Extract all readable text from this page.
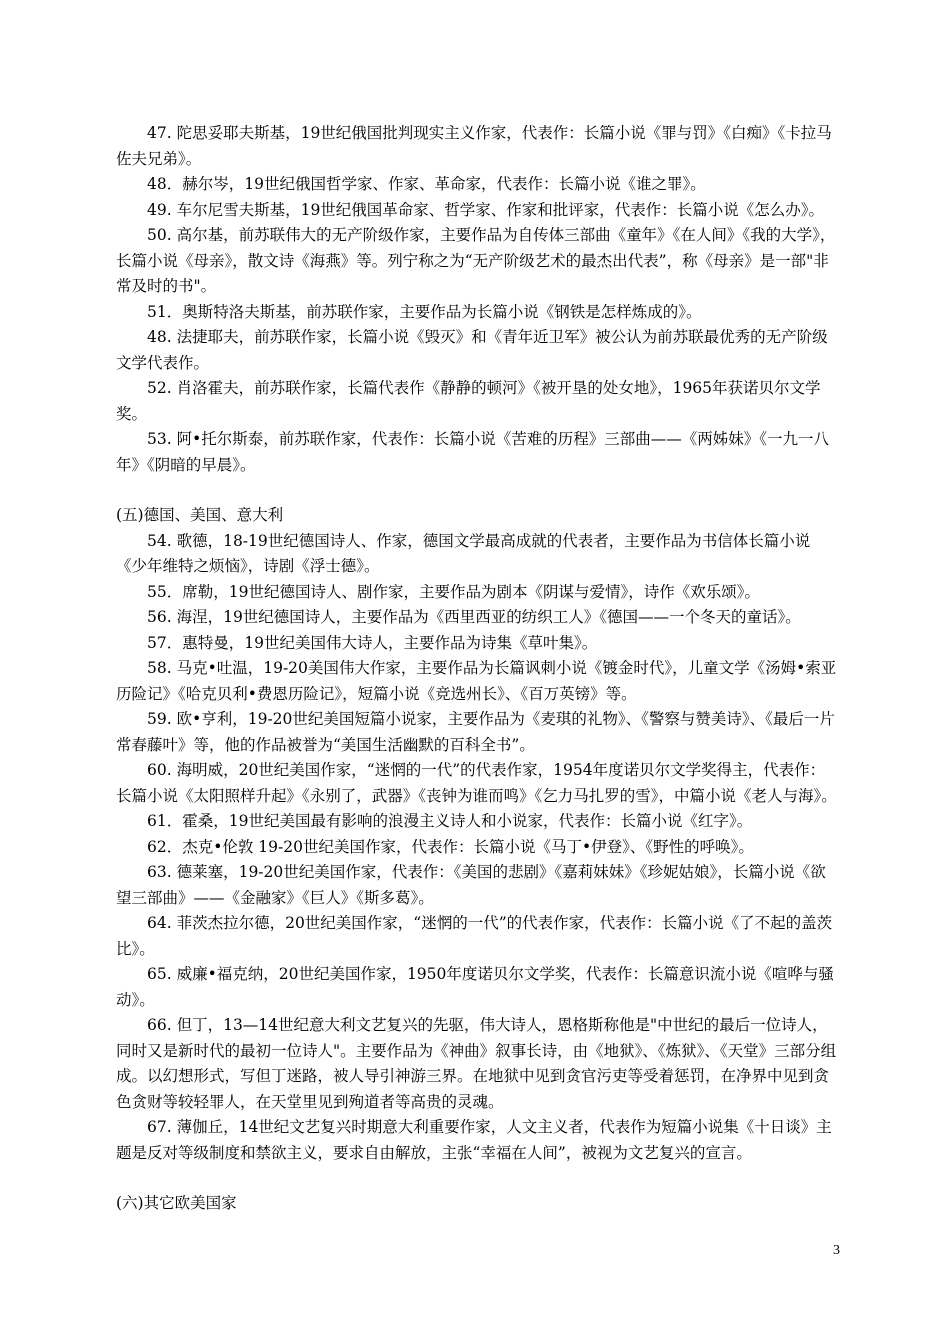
47. 陀思妥耶夫斯基，19世纪俄国批判现实主义作家，代表作：长篇小说《罪与罚》《白痴》《卡拉马佐夫兄弟》。

48．赫尔岑，19世纪俄国哲学家、作家、革命家，代表作：长篇小说《谁之罪》。

49. 车尔尼雪夫斯基，19世纪俄国革命家、哲学家、作家和批评家，代表作：长篇小说《怎么办》。

50. 高尔基，前苏联伟大的无产阶级作家，主要作品为自传体三部曲《童年》《在人间》《我的大学》，长篇小说《母亲》，散文诗《海燕》等。列宁称之为“无产阶级艺术的最杰出代表”，称《母亲》是一部"非常及时的书"。

51．奥斯特洛夫斯基，前苏联作家，主要作品为长篇小说《钢铁是怎样炼成的》。

48. 法捷耶夫，前苏联作家，长篇小说《毁灭》和《青年近卫军》被公认为前苏联最优秀的无产阶级文学代表作。

52. 肖洛霍夫，前苏联作家，长篇代表作《静静的顿河》《被开垦的处女地》，1965年获诺贝尔文学奖。

53. 阿•托尔斯泰，前苏联作家，代表作：长篇小说《苦难的历程》三部曲——《两姊妹》《一九一八年》《阴暗的早晨》。

(五)德国、美国、意大利

54. 歌德，18-19世纪德国诗人、作家，德国文学最高成就的代表者，主要作品为书信体长篇小说《少年维特之烦恼》，诗剧《浮士德》。

55．席勒，19世纪德国诗人、剧作家，主要作品为剧本《阴谋与爱情》，诗作《欢乐颂》。

56. 海涅，19世纪德国诗人，主要作品为《西里西亚的纺织工人》《德国——一个冬天的童话》。

57．惠特曼，19世纪美国伟大诗人，主要作品为诗集《草叶集》。

58. 马克•吐温，19-20美国伟大作家，主要作品为长篇讽刺小说《镀金时代》，儿童文学《汤姆•索亚历险记》《哈克贝利•费恩历险记》，短篇小说《竞选州长》、《百万英镑》等。

59. 欧•亨利，19-20世纪美国短篇小说家，主要作品为《麦琪的礼物》、《警察与赞美诗》、《最后一片常春藤叶》等，他的作品被誉为“美国生活幽默的百科全书”。

60. 海明威，20世纪美国作家，“迷惘的一代”的代表作家，1954年度诺贝尔文学奖得主，代表作：长篇小说《太阳照样升起》《永别了，武器》《丧钟为谁而鸣》《乞力马扎罗的雪》，中篇小说《老人与海》。

61．霍桑，19世纪美国最有影响的浪漫主义诗人和小说家，代表作：长篇小说《红字》。

62．杰克•伦敦 19-20世纪美国作家，代表作：长篇小说《马丁•伊登》、《野性的呼唤》。

63. 德莱塞，19-20世纪美国作家，代表作：《美国的悲剧》《嘉莉妹妹》《珍妮姑娘》，长篇小说《欲望三部曲》——《金融家》《巨人》《斯多葛》。

64. 菲茨杰拉尔德，20世纪美国作家，“迷惘的一代”的代表作家，代表作：长篇小说《了不起的盖茨比》。

65. 威廉•福克纳，20世纪美国作家，1950年度诺贝尔文学奖，代表作：长篇意识流小说《喧哗与骚动》。

66. 但丁，13—14世纪意大利文艺复兴的先驱，伟大诗人，恩格斯称他是"中世纪的最后一位诗人，同时又是新时代的最初一位诗人"。主要作品为《神曲》叙事长诗，由《地狱》、《炼狱》、《天堂》三部分组成。以幻想形式，写但丁迷路，被人导引神游三界。在地狱中见到贪官污吏等受着惩罚，在净界中见到贪色贪财等较轻罪人，在天堂里见到殉道者等高贵的灵魂。

67. 薄伽丘，14世纪文艺复兴时期意大利重要作家，人文主义者，代表作为短篇小说集《十日谈》主题是反对等级制度和禁欲主义，要求自由解放，主张“幸福在人间”，被视为文艺复兴的宣言。

(六)其它欧美国家

3
